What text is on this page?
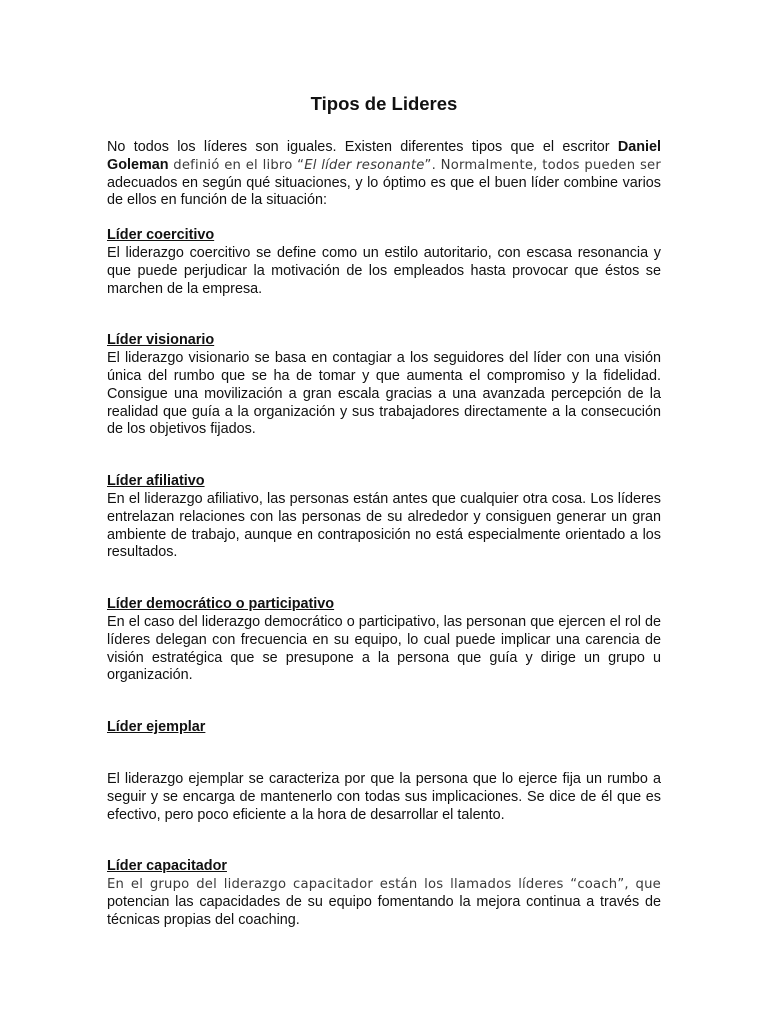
Tipos de Lideres

No todos los líderes son iguales. Existen diferentes tipos que el escritor Daniel Goleman definió en el libro “El líder resonante”. Normalmente, todos pueden ser adecuados en según qué situaciones, y lo óptimo es que el buen líder combine varios de ellos en función de la situación:

Líder coercitivo

El liderazgo coercitivo se define como un estilo autoritario, con escasa resonancia y que puede perjudicar la motivación de los empleados hasta provocar que éstos se marchen de la empresa.

Líder visionario

El liderazgo visionario se basa en contagiar a los seguidores del líder con una visión única del rumbo que se ha de tomar y que aumenta el compromiso y la fidelidad. Consigue una movilización a gran escala gracias a una avanzada percepción de la realidad que guía a la organización y sus trabajadores directamente a la consecución de los objetivos fijados.

Líder afiliativo

En el liderazgo afiliativo, las personas están antes que cualquier otra cosa. Los líderes entrelazan relaciones con las personas de su alrededor y consiguen generar un gran ambiente de trabajo, aunque en contraposición no está especialmente orientado a los resultados.

Líder democrático o participativo

En el caso del liderazgo democrático o participativo, las personan que ejercen el rol de líderes delegan con frecuencia en su equipo, lo cual puede implicar una carencia de visión estratégica que se presupone a la persona que guía y dirige un grupo u organización.

Líder ejemplar

El liderazgo ejemplar se caracteriza por que la persona que lo ejerce fija un rumbo a seguir y se encarga de mantenerlo con todas sus implicaciones. Se dice de él que es efectivo, pero poco eficiente a la hora de desarrollar el talento.

Líder capacitador

En el grupo del liderazgo capacitador están los llamados líderes “coach”, que potencian las capacidades de su equipo fomentando la mejora continua a través de técnicas propias del coaching.
